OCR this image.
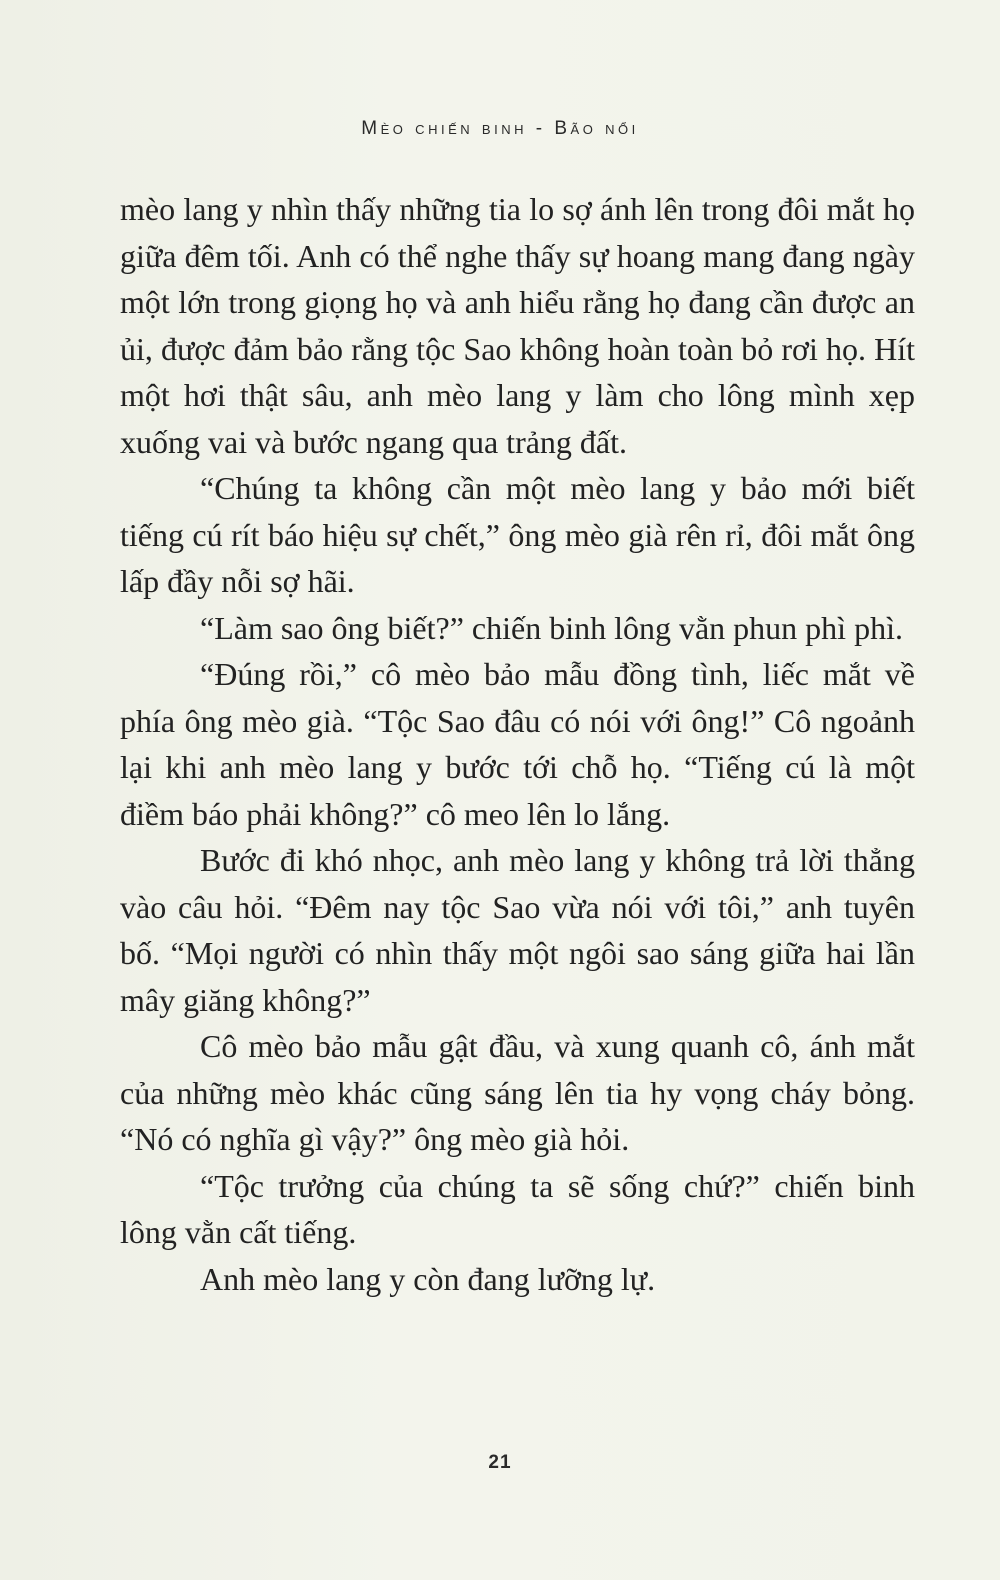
Mèo chiến binh - Bão nổi

mèo lang y nhìn thấy những tia lo sợ ánh lên trong đôi mắt họ giữa đêm tối. Anh có thể nghe thấy sự hoang mang đang ngày một lớn trong giọng họ và anh hiểu rằng họ đang cần được an ủi, được đảm bảo rằng tộc Sao không hoàn toàn bỏ rơi họ. Hít một hơi thật sâu, anh mèo lang y làm cho lông mình xẹp xuống vai và bước ngang qua trảng đất.

“Chúng ta không cần một mèo lang y bảo mới biết tiếng cú rít báo hiệu sự chết,” ông mèo già rên rỉ, đôi mắt ông lấp đầy nỗi sợ hãi.

“Làm sao ông biết?” chiến binh lông vằn phun phì phì.

“Đúng rồi,” cô mèo bảo mẫu đồng tình, liếc mắt về phía ông mèo già. “Tộc Sao đâu có nói với ông!” Cô ngoảnh lại khi anh mèo lang y bước tới chỗ họ. “Tiếng cú là một điềm báo phải không?” cô meo lên lo lắng.

Bước đi khó nhọc, anh mèo lang y không trả lời thẳng vào câu hỏi. “Đêm nay tộc Sao vừa nói với tôi,” anh tuyên bố. “Mọi người có nhìn thấy một ngôi sao sáng giữa hai lần mây giăng không?”

Cô mèo bảo mẫu gật đầu, và xung quanh cô, ánh mắt của những mèo khác cũng sáng lên tia hy vọng cháy bỏng. “Nó có nghĩa gì vậy?” ông mèo già hỏi.

“Tộc trưởng của chúng ta sẽ sống chứ?” chiến binh lông vằn cất tiếng.

Anh mèo lang y còn đang lưỡng lự.

21
